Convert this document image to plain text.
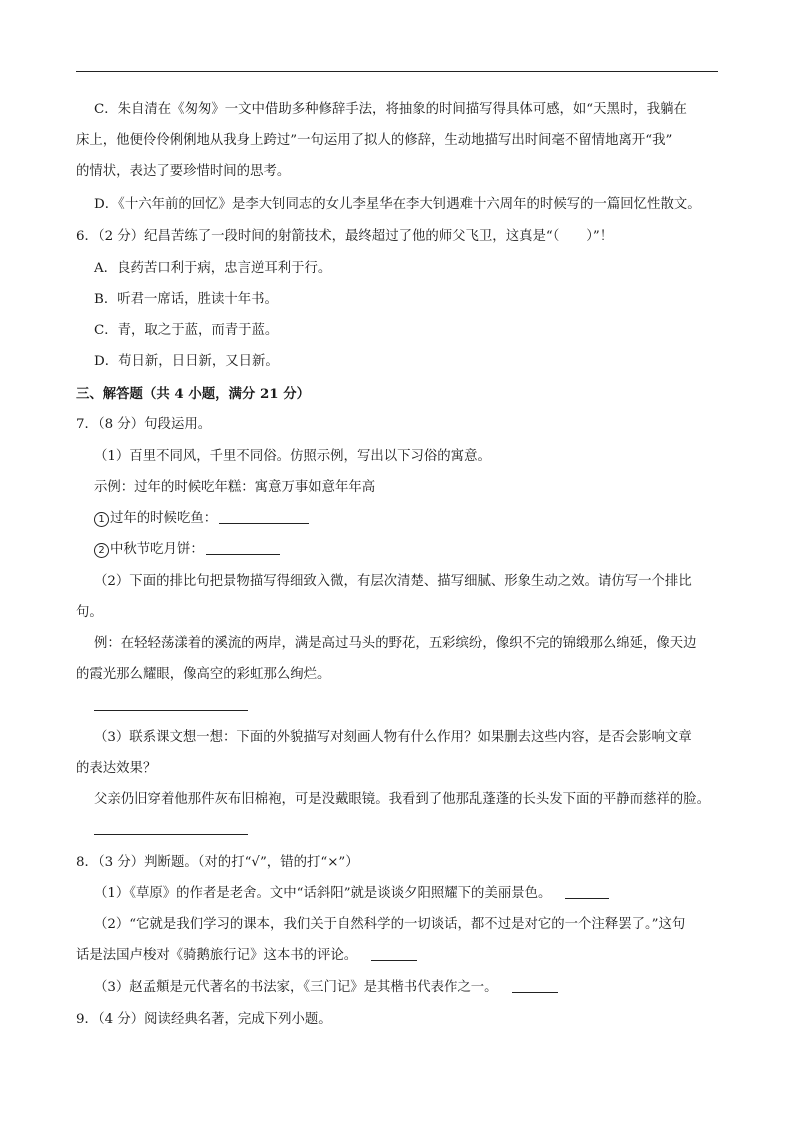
C．朱自清在《匆匆》一文中借助多种修辞手法，将抽象的时间描写得具体可感，如“天黑时，我躺在
床上，他便伶伶俐俐地从我身上跨过”一句运用了拟人的修辞，生动地描写出时间毫不留情地离开“我”
的情状，表达了要珍惜时间的思考。
D．《十六年前的回忆》是李大钊同志的女儿李星华在李大钊遇难十六周年的时候写的一篇回忆性散文。
6．（2 分）纪昌苦练了一段时间的射箭技术，最终超过了他的师父飞卫，这真是“（　　）”！
A．良药苦口利于病，忠言逆耳利于行。
B．听君一席话，胜读十年书。
C．青，取之于蓝，而青于蓝。
D．苟日新，日日新，又日新。
三、解答题（共 4 小题，满分 21 分）
7．（8 分）句段运用。
（1）百里不同风，千里不同俗。仿照示例，写出以下习俗的寓意。
示例：过年的时候吃年糕：寓意万事如意年年高
1 过年的时候吃鱼：
2 中秋节吃月饼：
（2）下面的排比句把景物描写得细致入微，有层次清楚、描写细腻、形象生动之效。请仿写一个排比
句。
例：在轻轻荡漾着的溪流的两岸，满是高过马头的野花，五彩缤纷，像织不完的锦缎那么绵延，像天边
的霞光那么耀眼，像高空的彩虹那么绚烂。
（3）联系课文想一想：下面的外貌描写对刻画人物有什么作用？如果删去这些内容，是否会影响文章
的表达效果？
父亲仍旧穿着他那件灰布旧棉袍，可是没戴眼镜。我看到了他那乱蓬蓬的长头发下面的平静而慈祥的脸。
8．（3 分）判断题。（对的打“√”，错的打“×”）
（1）《草原》的作者是老舍。文中“话斜阳”就是谈谈夕阳照耀下的美丽景色。
（2）“它就是我们学习的课本，我们关于自然科学的一切谈话，都不过是对它的一个注释罢了。”这句
话是法国卢梭对《骑鹅旅行记》这本书的评论。
（3）赵孟頫是元代著名的书法家，《三门记》是其楷书代表作之一。
9．（4 分）阅读经典名著，完成下列小题。
